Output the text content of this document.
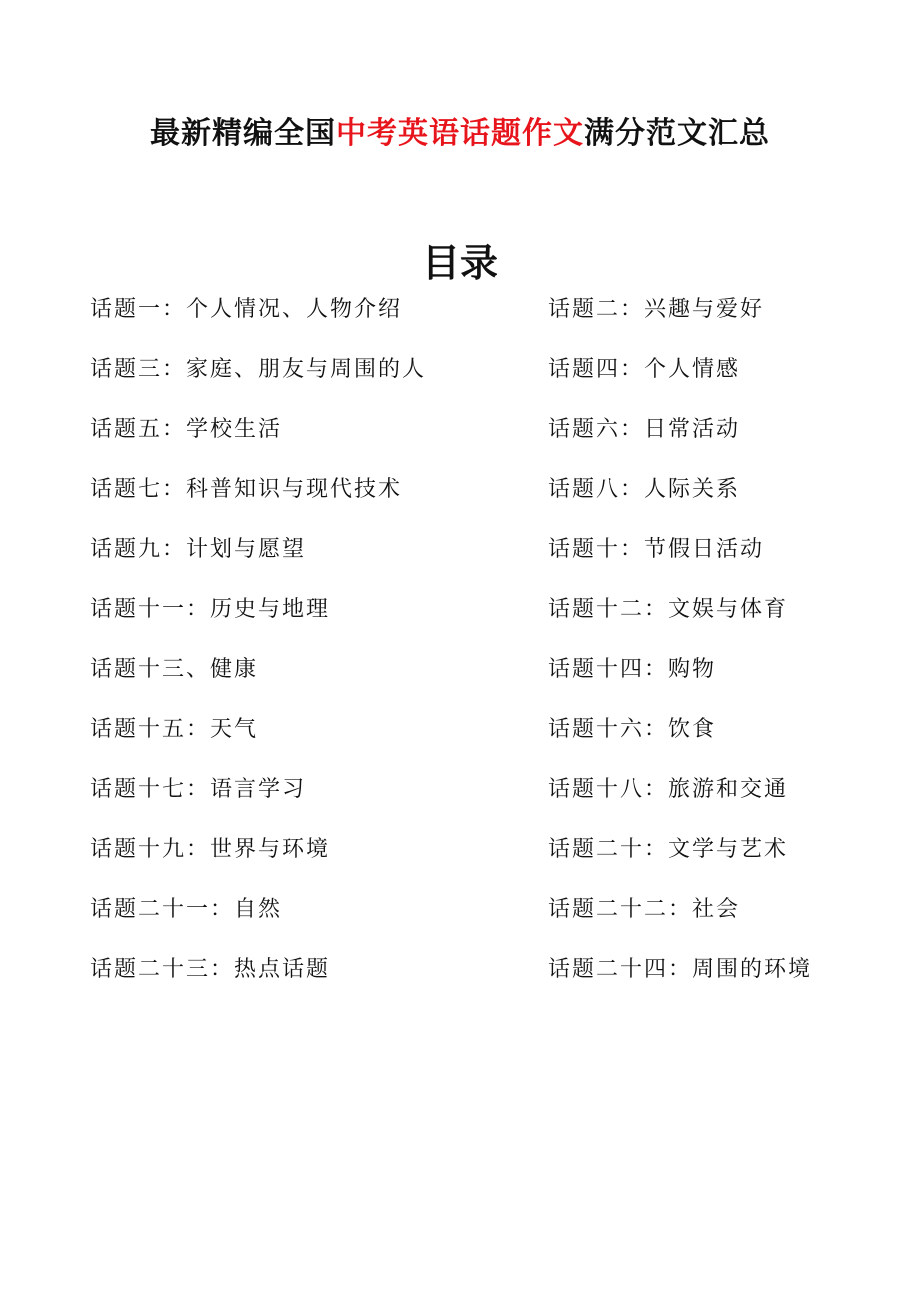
最新精编全国中考英语话题作文满分范文汇总
目录
话题一：个人情况、人物介绍	话题二：兴趣与爱好
话题三：家庭、朋友与周围的人	话题四：个人情感
话题五：学校生活	话题六：日常活动
话题七：科普知识与现代技术	话题八：人际关系
话题九：计划与愿望	话题十：节假日活动
话题十一：历史与地理	话题十二：文娱与体育
话题十三、健康	话题十四：购物
话题十五：天气	话题十六：饮食
话题十七：语言学习	话题十八：旅游和交通
话题十九：世界与环境	话题二十：文学与艺术
话题二十一：自然	话题二十二：社会
话题二十三：热点话题	话题二十四：周围的环境
